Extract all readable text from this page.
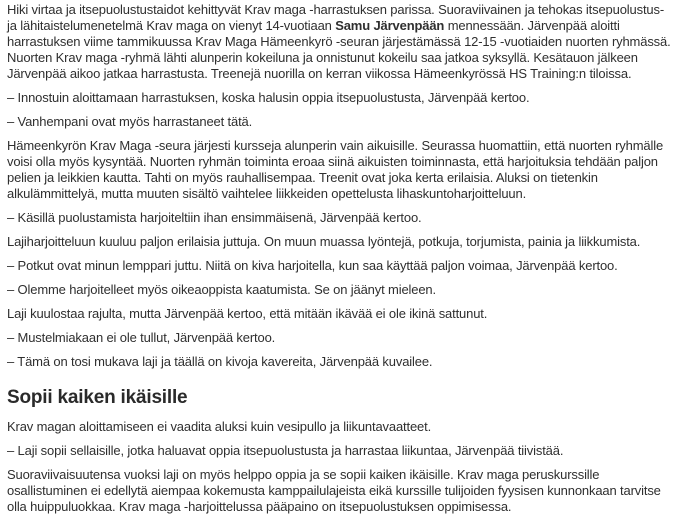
Hiki virtaa ja itsepuolustustaidot kehittyvät Krav maga -harrastuksen parissa. Suoraviivainen ja tehokas itsepuolustus- ja lähitaistelumenetelmä Krav maga on vienyt 14-vuotiaan Samu Järvenpään mennessään. Järvenpää aloitti harrastuksen viime tammikuussa Krav Maga Hämeenkyrö -seuran järjestämässä 12-15 -vuotiaiden nuorten ryhmässä. Nuorten Krav maga -ryhmä lähti alunperin kokeiluna ja onnistunut kokeilu saa jatkoa syksyllä. Kesätauon jälkeen Järvenpää aikoo jatkaa harrastusta. Treenejä nuorilla on kerran viikossa Hämeenkyrössä HS Training:n tiloissa.

– Innostuin aloittamaan harrastuksen, koska halusin oppia itsepuolustusta, Järvenpää kertoo.

– Vanhempani ovat myös harrastaneet tätä.

Hämeenkyrön Krav Maga -seura järjesti kursseja alunperin vain aikuisille. Seurassa huomattiin, että nuorten ryhmälle voisi olla myös kysyntää. Nuorten ryhmän toiminta eroaa siinä aikuisten toiminnasta, että harjoituksia tehdään paljon pelien ja leikkien kautta. Tahti on myös rauhallisempaa. Treenit ovat joka kerta erilaisia. Aluksi on tietenkin alkulämmittelyä, mutta muuten sisältö vaihtelee liikkeiden opettelusta lihaskuntoharjoitteluun.

– Käsillä puolustamista harjoiteltiin ihan ensimmäisenä, Järvenpää kertoo.

Lajiharjoitteluun kuuluu paljon erilaisia juttuja. On muun muassa lyöntejä, potkuja, torjumista, painia ja liikkumista.

– Potkut ovat minun lemppari juttu. Niitä on kiva harjoitella, kun saa käyttää paljon voimaa, Järvenpää kertoo.

– Olemme harjoitelleet myös oikeaoppista kaatumista. Se on jäänyt mieleen.

Laji kuulostaa rajulta, mutta Järvenpää kertoo, että mitään ikävää ei ole ikinä sattunut.

– Mustelmiakaan ei ole tullut, Järvenpää kertoo.

– Tämä on tosi mukava laji ja täällä on kivoja kavereita, Järvenpää kuvailee.

Sopii kaiken ikäisille

Krav magan aloittamiseen ei vaadita aluksi kuin vesipullo ja liikuntavaatteet.

– Laji sopii sellaisille, jotka haluavat oppia itsepuolustusta ja harrastaa liikuntaa, Järvenpää tiivistää.

Suoraviivaisuutensa vuoksi laji on myös helppo oppia ja se sopii kaiken ikäisille. Krav maga peruskurssille osallistuminen ei edellytä aiempaa kokemusta kamppailulajeista eikä kurssille tulijoiden fyysisen kunnonkaan tarvitse olla huippuluokkaa. Krav maga -harjoittelussa pääpaino on itsepuolustuksen oppimisessa.
